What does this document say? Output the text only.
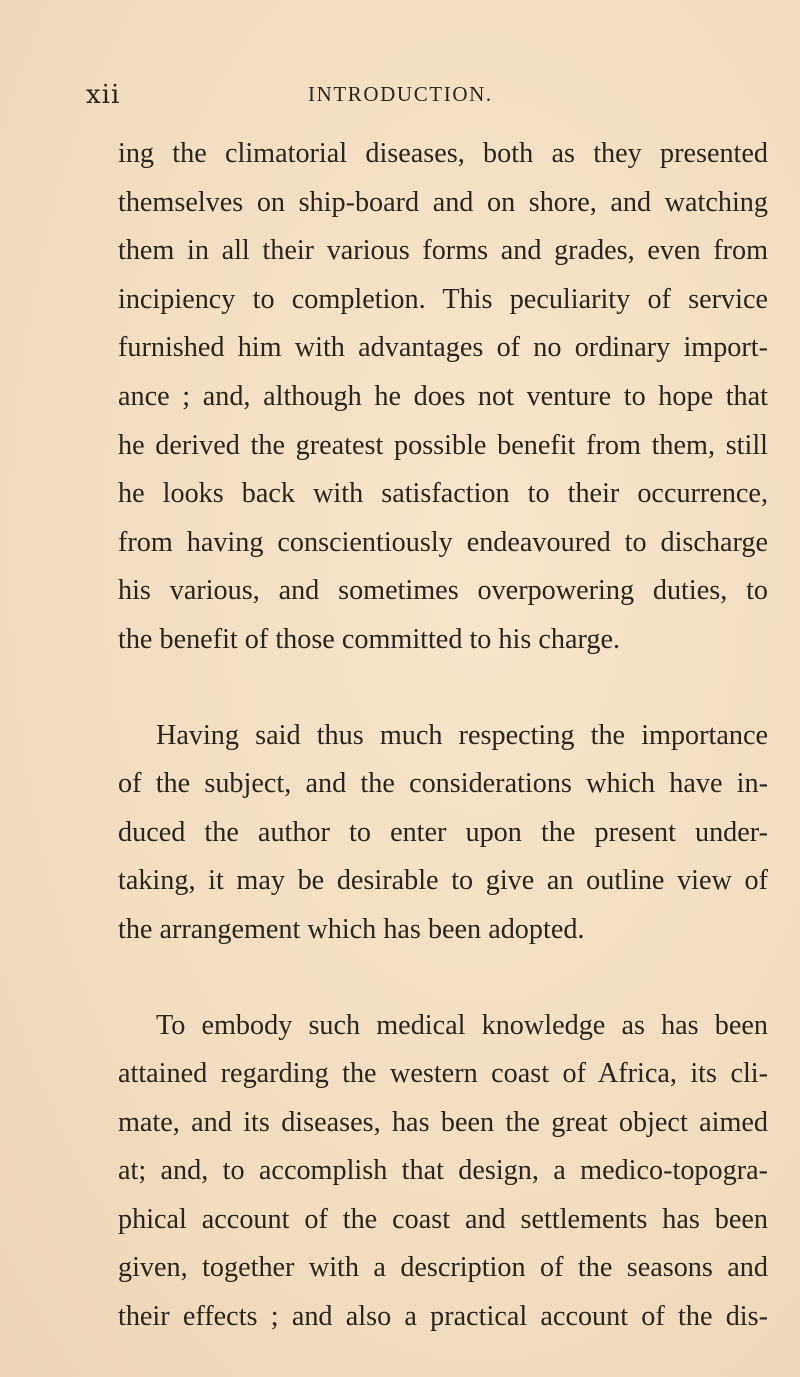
xii	INTRODUCTION.
ing the climatorial diseases, both as they presented
themselves on ship-board and on shore, and watching
them in all their various forms and grades, even from
incipiency to completion. This peculiarity of service
furnished him with advantages of no ordinary import-
ance ; and, although he does not venture to hope that
he derived the greatest possible benefit from them, still
he looks back with satisfaction to their occurrence,
from having conscientiously endeavoured to discharge
his various, and sometimes overpowering duties, to
the benefit of those committed to his charge.
Having said thus much respecting the importance
of the subject, and the considerations which have in-
duced the author to enter upon the present under-
taking, it may be desirable to give an outline view of
the arrangement which has been adopted.
To embody such medical knowledge as has been
attained regarding the western coast of Africa, its cli-
mate, and its diseases, has been the great object aimed
at; and, to accomplish that design, a medico-topogra-
phical account of the coast and settlements has been
given, together with a description of the seasons and
their effects ; and also a practical account of the dis-
